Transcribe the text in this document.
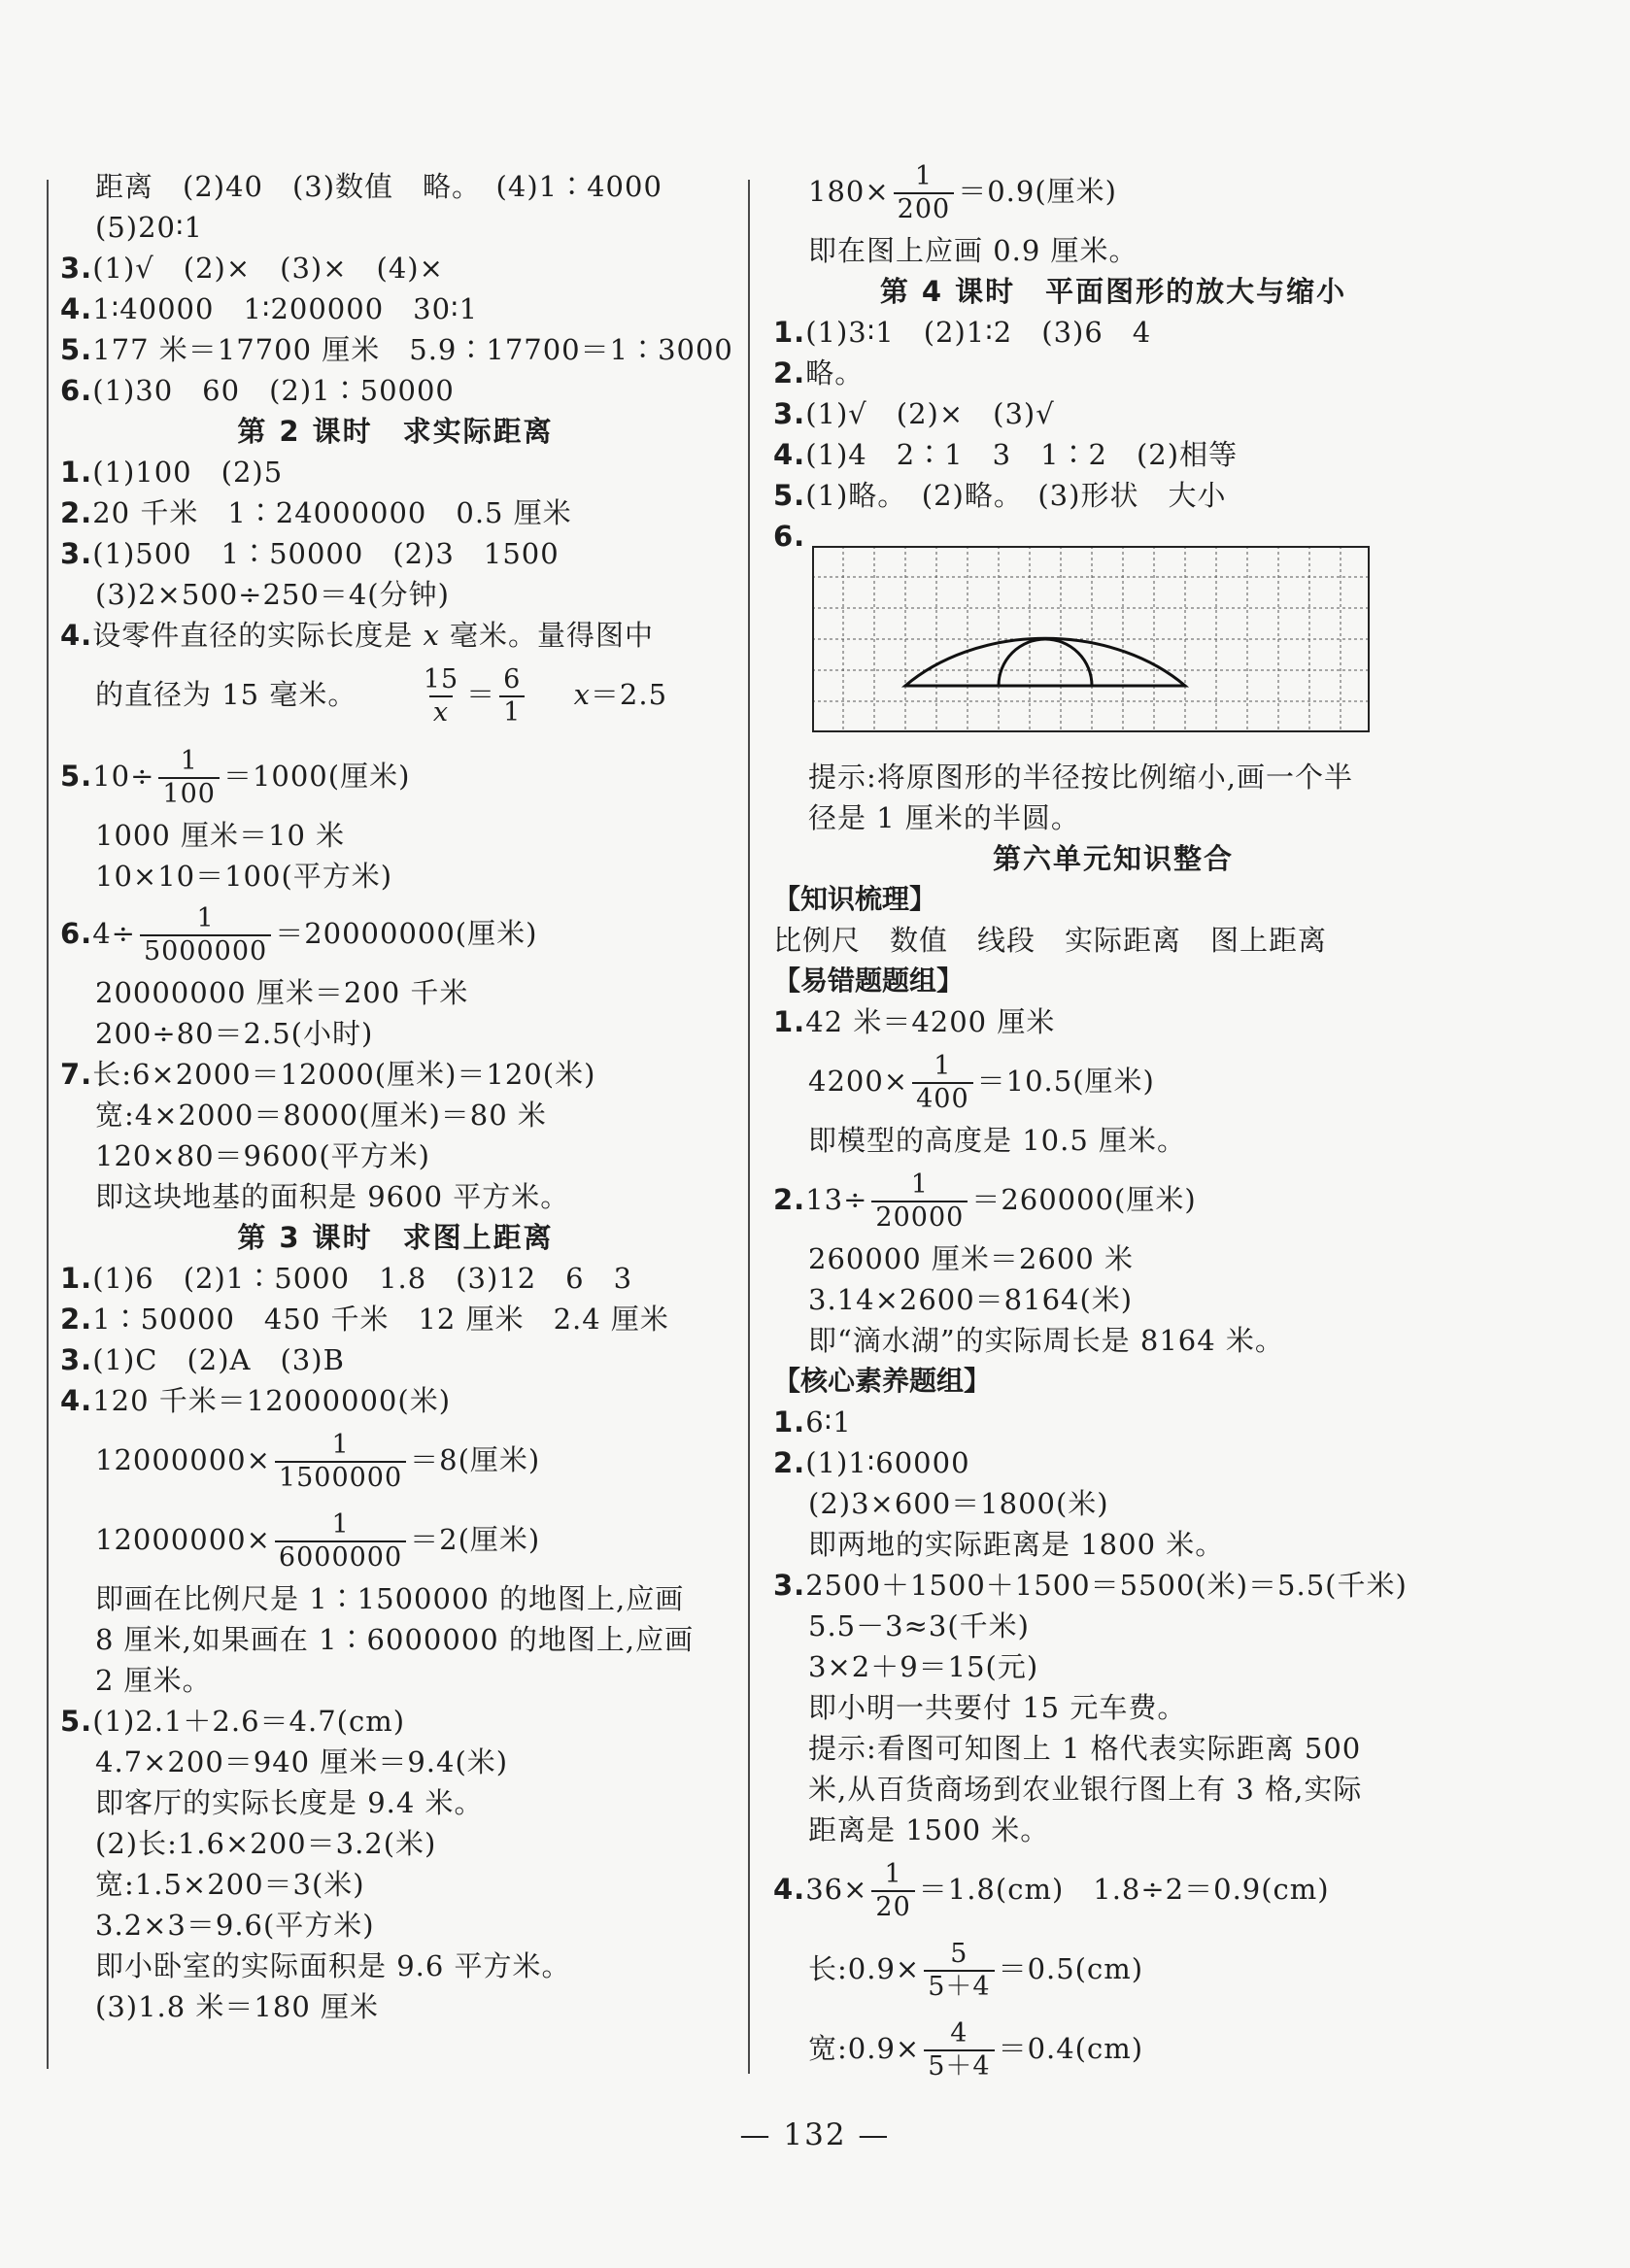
距离　(2)40　(3)数值　略。　(4)1∶4000
(5)20∶1
3.(1)√　(2)×　(3)×　(4)×
4.1∶40000　1∶200000　30∶1
5.177 米＝17700 厘米　5.9∶17700＝1∶3000
6.(1)30　60　(2)1∶50000
第 2 课时　求实际距离
1.(1)100　(2)5
2.20 千米　1∶24000000　0.5 厘米
3.(1)500　1∶50000　(2)3　1500
(3)2×500÷250＝4(分钟)
4.设零件直径的实际长度是 x 毫米。量得图中
的直径为 15 毫米。 $\frac{15}{x} = \frac{6}{1} x=2.5$
$5.10\div \frac{1}{100} =1000$(厘米)
1000 厘米＝10 米
10×10＝100(平方米)
$6.4\div \frac{1}{5000000} =20000000$(厘米)
20000000 厘米＝200 千米
200÷80＝2.5(小时)
7.长:6×2000＝12000(厘米)＝120(米)
宽:4×2000＝8000(厘米)＝80 米
120×80＝9600(平方米)
即这块地基的面积是 9600 平方米。
第 3 课时　求图上距离
1.(1)6　(2)1∶5000　1.8　(3)12　6　3
2.1∶50000　450 千米　12 厘米　2.4 厘米
3.(1)C　(2)A　(3)B
4.120 千米＝12000000(米)
$12000000\times \frac{1}{1500000} =8$(厘米)
$12000000\times \frac{1}{6000000} =2$(厘米)
即画在比例尺是 1∶1500000 的地图上,应画
8 厘米,如果画在 1∶6000000 的地图上,应画
2 厘米。
5.(1)2.1＋2.6＝4.7(cm)
4.7×200＝940 厘米＝9.4(米)
即客厅的实际长度是 9.4 米。
(2)长:1.6×200＝3.2(米)
宽:1.5×200＝3(米)
3.2×3＝9.6(平方米)
即小卧室的实际面积是 9.6 平方米。
(3)1.8 米＝180 厘米
$180\times \frac{1}{200} =0.9$(厘米)
即在图上应画 0.9 厘米。
第 4 课时　平面图形的放大与缩小
1.(1)3∶1　(2)1∶2　(3)6　4
2.略。
3.(1)√　(2)×　(3)√
4.(1)4　2∶1　3　1∶2　(2)相等
5.(1)略。　(2)略。　(3)形状　大小
6.
提示:将原图形的半径按比例缩小,画一个半
径是 1 厘米的半圆。
第六单元知识整合
【知识梳理】
比例尺　数值　线段　实际距离　图上距离
【易错题题组】
1.42 米＝4200 厘米
$4200\times \frac{1}{400} =10.5$(厘米)
即模型的高度是 10.5 厘米。
$2.13\div \frac{1}{20000} =260000$(厘米)
260000 厘米＝2600 米
3.14×2600＝8164(米)
即“滴水湖”的实际周长是 8164 米。
【核心素养题组】
1.6∶1
2.(1)1∶60000
(2)3×600＝1800(米)
即两地的实际距离是 1800 米。
3.2500＋1500＋1500＝5500(米)＝5.5(千米)
5.5－3≈3(千米)
3×2＋9＝15(元)
即小明一共要付 15 元车费。
提示:看图可知图上 1 格代表实际距离 500
米,从百货商场到农业银行图上有 3 格,实际
距离是 1500 米。
$4.36\times \frac{1}{20} =1.8(cm)$　1.8÷2＝0.9(cm)
长:0.9× $\frac{5}{5+4} =0.5(cm)$
宽:0.9× $\frac{4}{5+4} =0.4(cm)$
— 132 —
